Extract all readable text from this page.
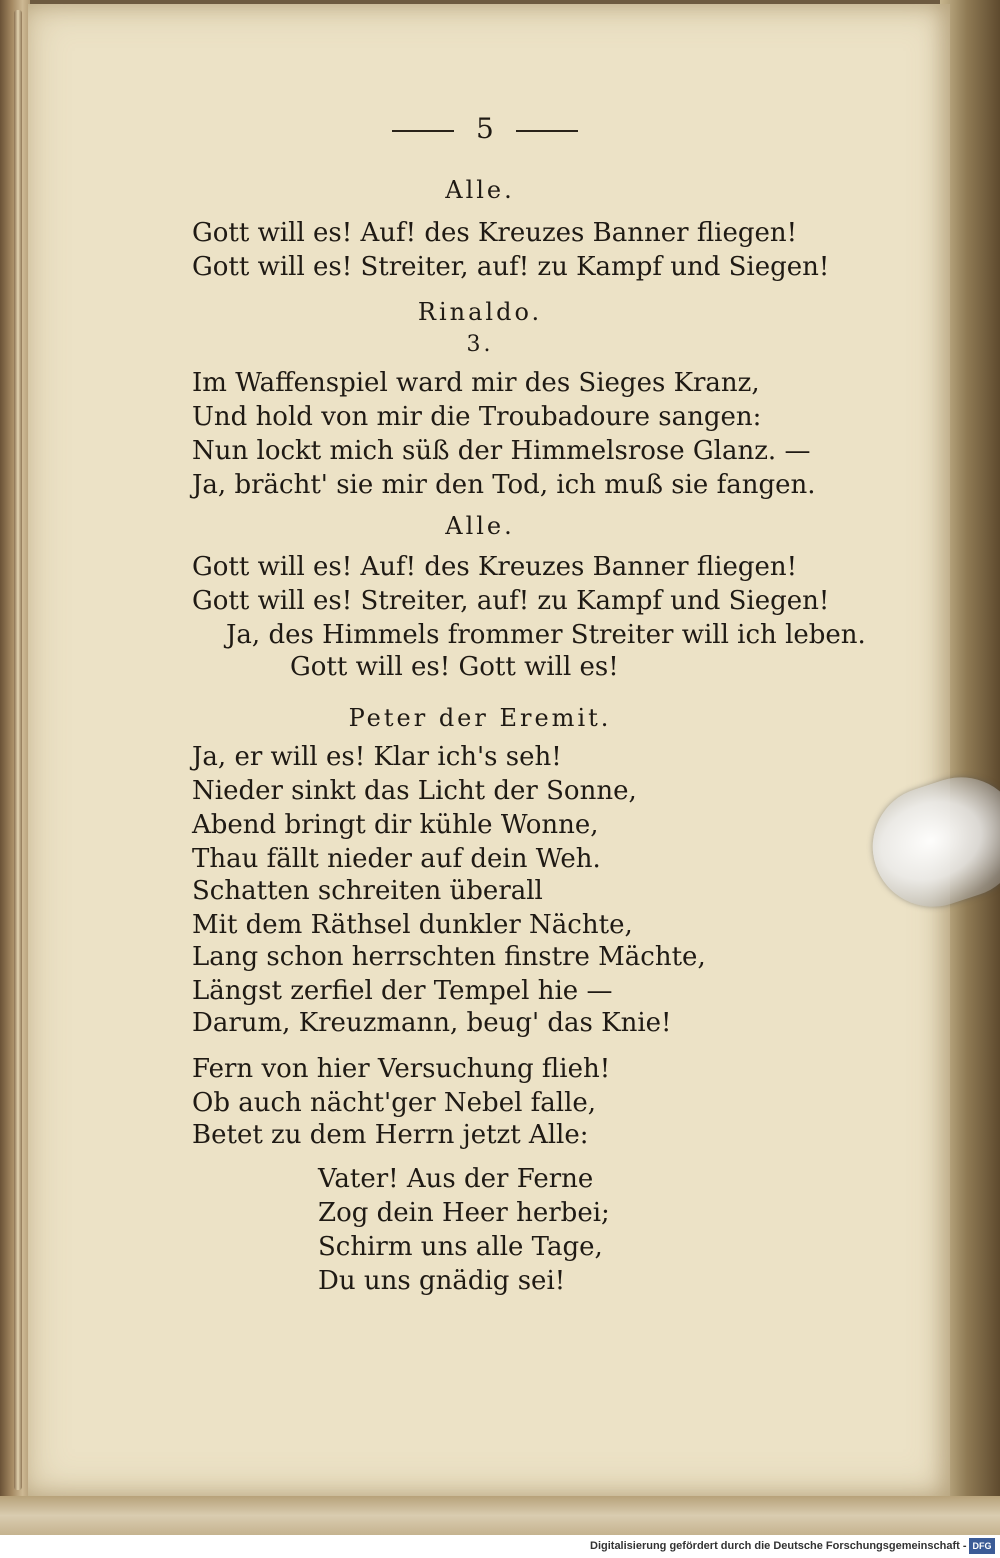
5
Alle.
Gott will es! Auf! des Kreuzes Banner fliegen!
Gott will es! Streiter, auf! zu Kampf und Siegen!
Rinaldo.
3.
Im Waffenspiel ward mir des Sieges Kranz,
Und hold von mir die Troubadoure sangen:
Nun lockt mich süß der Himmelsrose Glanz. —
Ja, brächt' sie mir den Tod, ich muß sie fangen.
Alle.
Gott will es! Auf! des Kreuzes Banner fliegen!
Gott will es! Streiter, auf! zu Kampf und Siegen!
Ja, des Himmels frommer Streiter will ich leben.
Gott will es! Gott will es!
Peter der Eremit.
Ja, er will es! Klar ich's seh!
Nieder sinkt das Licht der Sonne,
Abend bringt dir kühle Wonne,
Thau fällt nieder auf dein Weh.
Schatten schreiten überall
Mit dem Räthsel dunkler Nächte,
Lang schon herrschten finstre Mächte,
Längst zerfiel der Tempel hie —
Darum, Kreuzmann, beug' das Knie!
Fern von hier Versuchung flieh!
Ob auch nächt'ger Nebel falle,
Betet zu dem Herrn jetzt Alle:
Vater! Aus der Ferne
Zog dein Heer herbei;
Schirm uns alle Tage,
Du uns gnädig sei!
Digitalisierung gefördert durch die Deutsche Forschungsgemeinschaft - DFG
